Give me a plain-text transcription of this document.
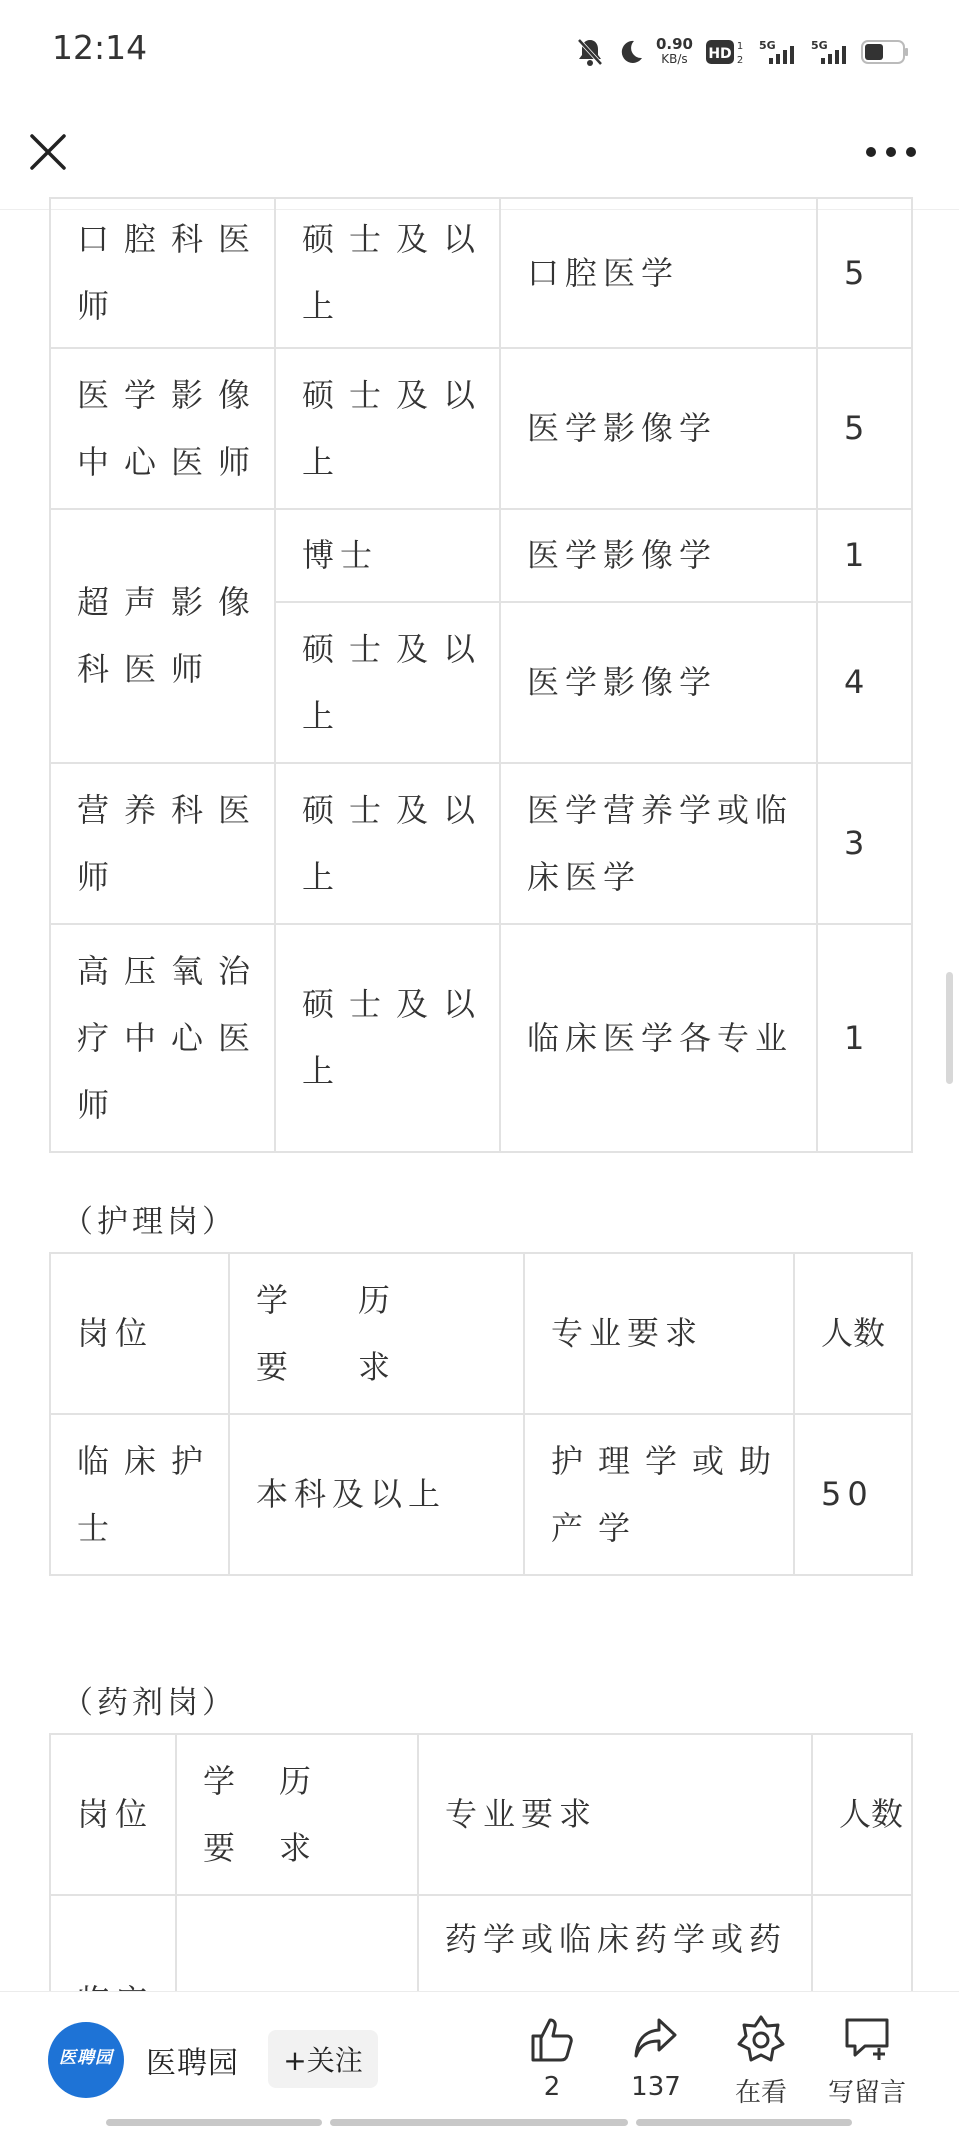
12:14	0.90
KB/s HD 1
2
5G	5G
口腔科医师	硕士及以上	口腔医学	5
医学影像中心医师	硕士及以上	医学影像学	5
超声影像科医师	博士	医学影像学	1
	硕士及以上	医学影像学	4
营养科医师	硕士及以上	医学营养学或临床医学	3
高压氧治疗中心医师	硕士及以上	临床医学各专业	1
（护理岗）
岗位	学历要求	专业要求	人数
临床护士	本科及以上	护理学或助产学	50
（药剂岗）
岗位	学历要求	专业要求	人数
		药学或临床药学或药	
医聘园
医聘园	+关注
2	137 在看 写留言
